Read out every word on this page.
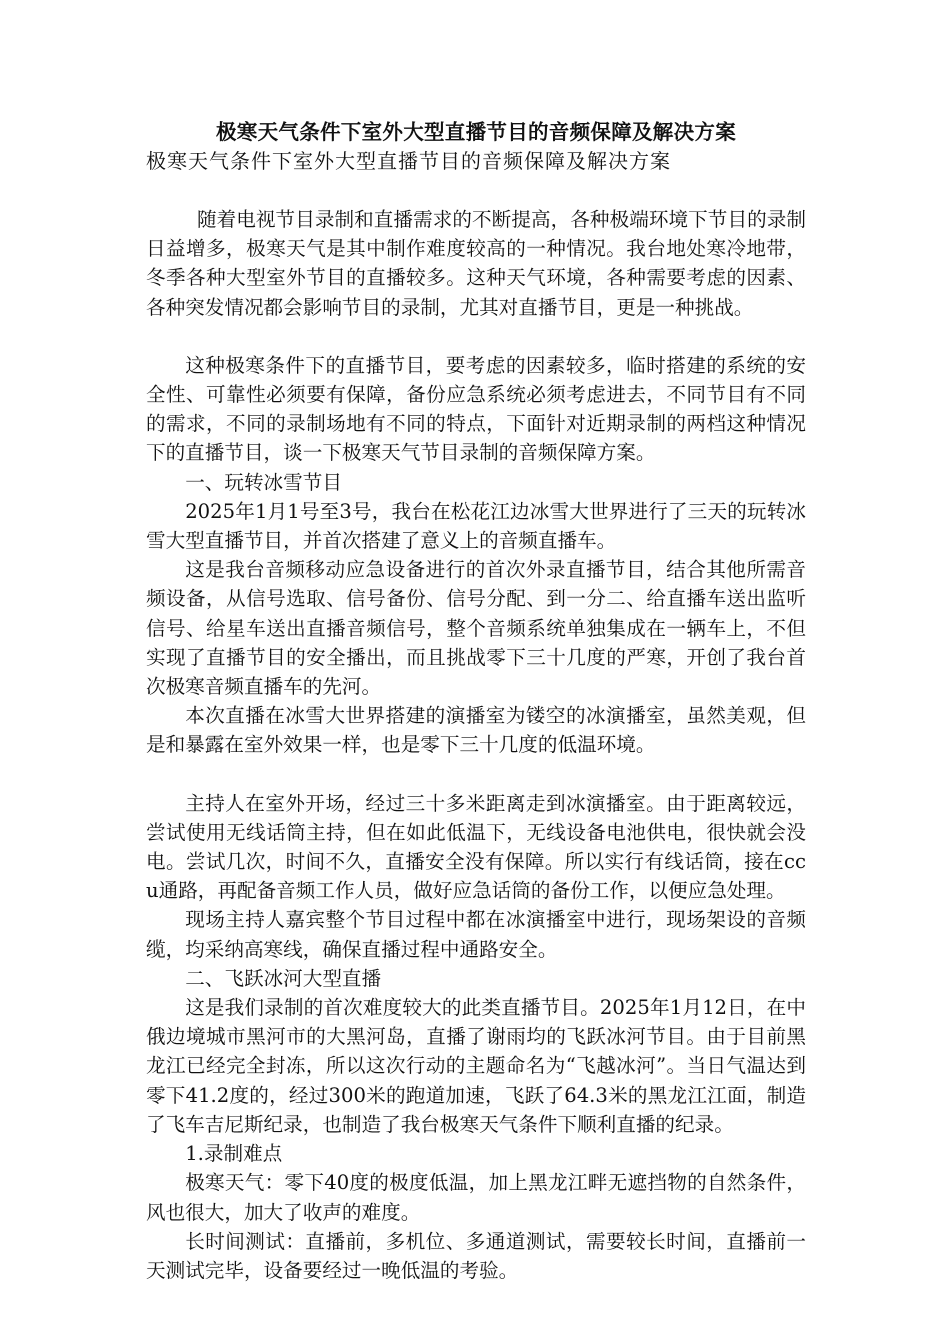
极寒天气条件下室外大型直播节目的音频保障及解决方案
极寒天气条件下室外大型直播节目的音频保障及解决方案

随着电视节目录制和直播需求的不断提高，各种极端环境下节目的录制日益增多，极寒天气是其中制作难度较高的一种情况。我台地处寒冷地带，冬季各种大型室外节目的直播较多。这种天气环境，各种需要考虑的因素、各种突发情况都会影响节目的录制，尤其对直播节目，更是一种挑战。

这种极寒条件下的直播节目，要考虑的因素较多，临时搭建的系统的安全性、可靠性必须要有保障，备份应急系统必须考虑进去，不同节目有不同的需求，不同的录制场地有不同的特点，下面针对近期录制的两档这种情况下的直播节目，谈一下极寒天气节目录制的音频保障方案。

一、玩转冰雪节目

2025年1月1号至3号，我台在松花江边冰雪大世界进行了三天的玩转冰雪大型直播节目，并首次搭建了意义上的音频直播车。

这是我台音频移动应急设备进行的首次外录直播节目，结合其他所需音频设备，从信号选取、信号备份、信号分配、到一分二、给直播车送出监听信号、给星车送出直播音频信号，整个音频系统单独集成在一辆车上，不但实现了直播节目的安全播出，而且挑战零下三十几度的严寒，开创了我台首次极寒音频直播车的先河。

本次直播在冰雪大世界搭建的演播室为镂空的冰演播室，虽然美观，但是和暴露在室外效果一样，也是零下三十几度的低温环境。

主持人在室外开场，经过三十多米距离走到冰演播室。由于距离较远，尝试使用无线话筒主持，但在如此低温下，无线设备电池供电，很快就会没电。尝试几次，时间不久，直播安全没有保障。所以实行有线话筒，接在ccu通路，再配备音频工作人员，做好应急话筒的备份工作，以便应急处理。

现场主持人嘉宾整个节目过程中都在冰演播室中进行，现场架设的音频缆，均采纳高寒线，确保直播过程中通路安全。

二、飞跃冰河大型直播

这是我们录制的首次难度较大的此类直播节目。2025年1月12日，在中俄边境城市黑河市的大黑河岛，直播了谢雨均的飞跃冰河节目。由于目前黑龙江已经完全封冻，所以这次行动的主题命名为“飞越冰河”。当日气温达到零下41.2度的，经过300米的跑道加速，飞跃了64.3米的黑龙江江面，制造了飞车吉尼斯纪录，也制造了我台极寒天气条件下顺利直播的纪录。

1.录制难点

极寒天气：零下40度的极度低温，加上黑龙江畔无遮挡物的自然条件，风也很大，加大了收声的难度。

长时间测试：直播前，多机位、多通道测试，需要较长时间，直播前一天测试完毕，设备要经过一晚低温的考验。
